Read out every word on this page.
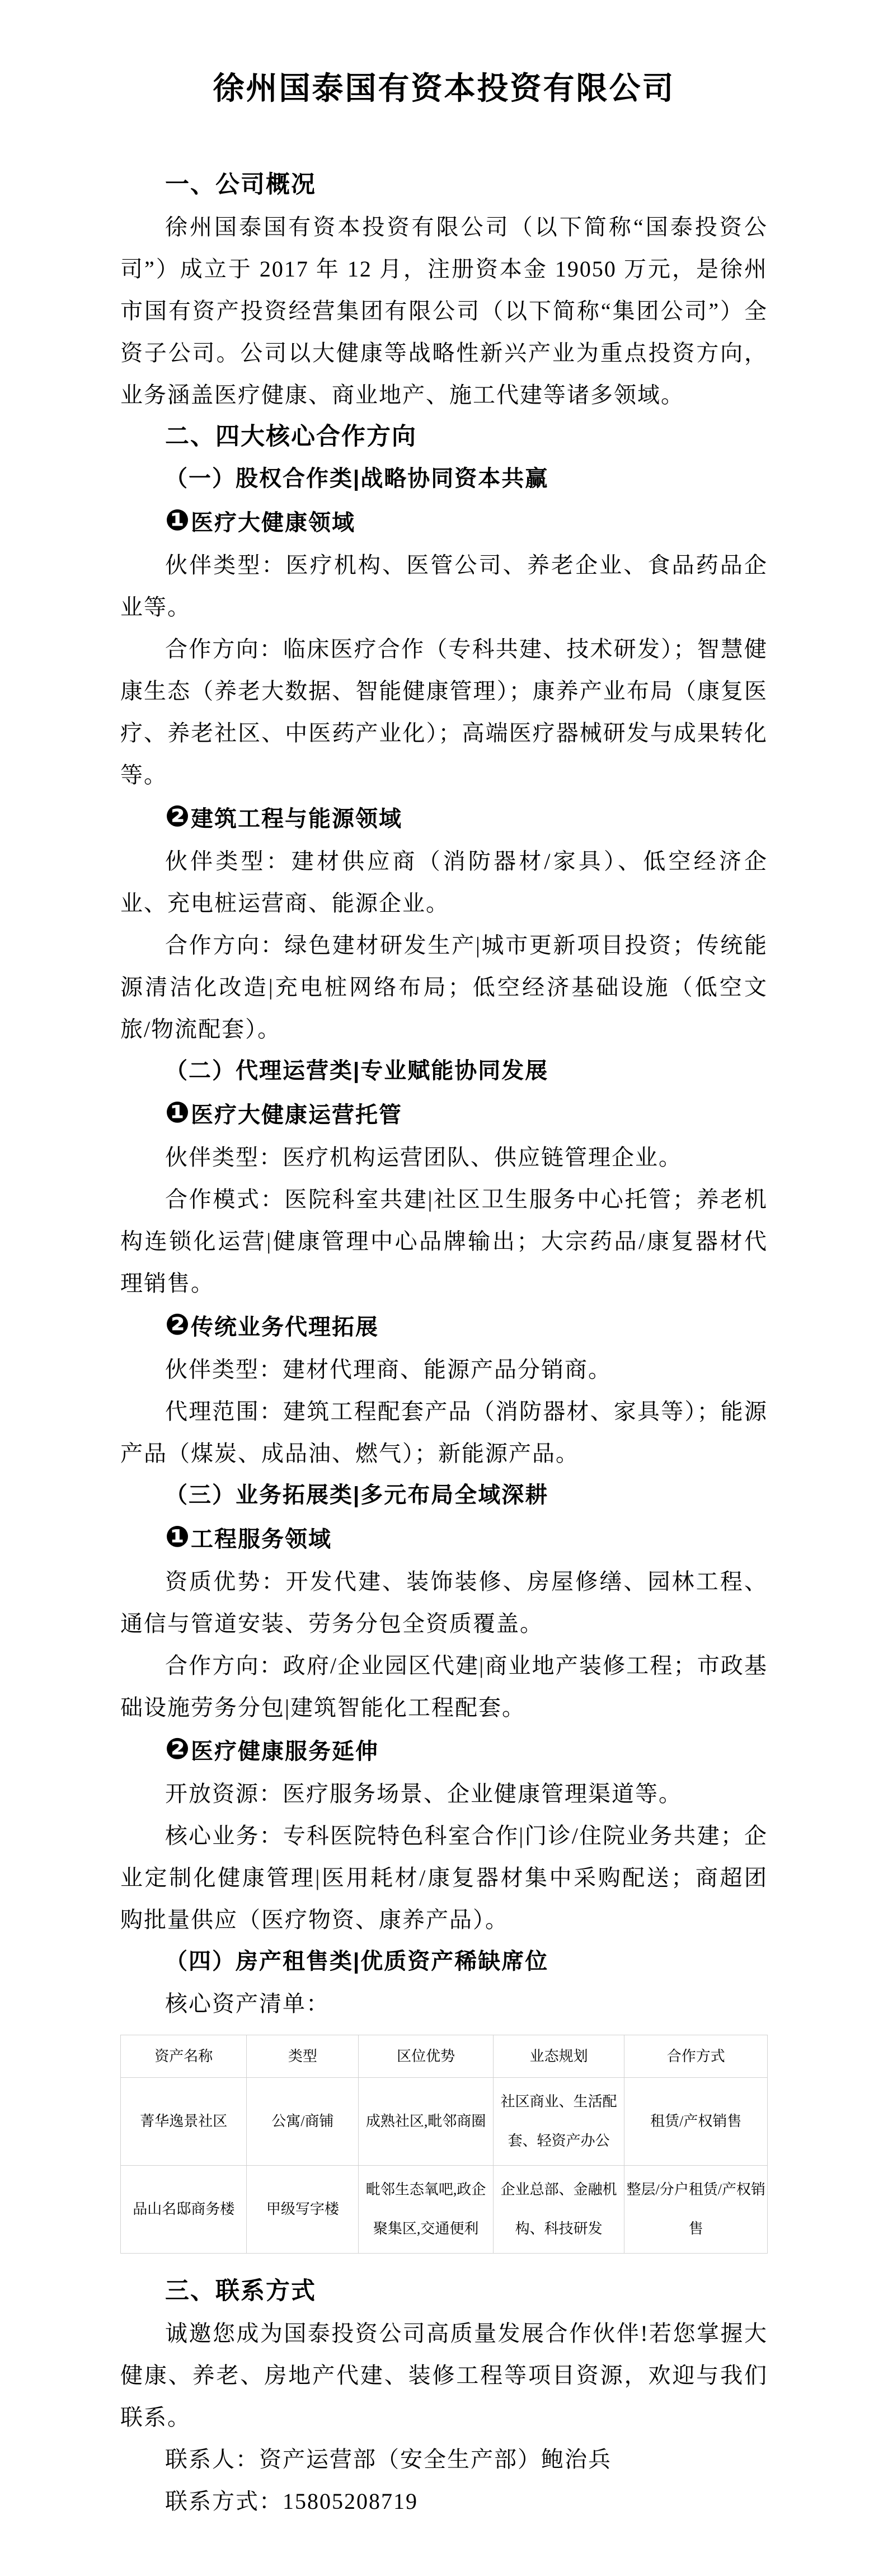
徐州国泰国有资本投资有限公司
一、公司概况

徐州国泰国有资本投资有限公司（以下简称“国泰投资公司”）成立于 2017 年 12 月，注册资本金 19050 万元，是徐州市国有资产投资经营集团有限公司（以下简称“集团公司”）全资子公司。公司以大健康等战略性新兴产业为重点投资方向，业务涵盖医疗健康、商业地产、施工代建等诸多领域。

二、四大核心合作方向
（一）股权合作类|战略协同资本共赢
❶医疗大健康领域

伙伴类型：医疗机构、医管公司、养老企业、食品药品企业等。

合作方向：临床医疗合作（专科共建、技术研发）；智慧健康生态（养老大数据、智能健康管理）；康养产业布局（康复医疗、养老社区、中医药产业化）；高端医疗器械研发与成果转化等。

❷建筑工程与能源领域

伙伴类型：建材供应商（消防器材/家具）、低空经济企业、充电桩运营商、能源企业。

合作方向：绿色建材研发生产|城市更新项目投资；传统能源清洁化改造|充电桩网络布局；低空经济基础设施（低空文旅/物流配套）。

（二）代理运营类|专业赋能协同发展
❶医疗大健康运营托管

伙伴类型：医疗机构运营团队、供应链管理企业。

合作模式：医院科室共建|社区卫生服务中心托管；养老机构连锁化运营|健康管理中心品牌输出；大宗药品/康复器材代理销售。

❷传统业务代理拓展

伙伴类型：建材代理商、能源产品分销商。

代理范围：建筑工程配套产品（消防器材、家具等）；能源产品（煤炭、成品油、燃气）；新能源产品。

（三）业务拓展类|多元布局全域深耕
❶工程服务领域

资质优势：开发代建、装饰装修、房屋修缮、园林工程、通信与管道安装、劳务分包全资质覆盖。

合作方向：政府/企业园区代建|商业地产装修工程；市政基础设施劳务分包|建筑智能化工程配套。

❷医疗健康服务延伸

开放资源：医疗服务场景、企业健康管理渠道等。

核心业务：专科医院特色科室合作|门诊/住院业务共建；企业定制化健康管理|医用耗材/康复器材集中采购配送；商超团购批量供应（医疗物资、康养产品）。

（四）房产租售类|优质资产稀缺席位

核心资产清单：

资产名称	类型	区位优势	业态规划	合作方式
菁华逸景社区	公寓/商铺	成熟社区,毗邻商圈	社区商业、生活配套、轻资产办公	租赁/产权销售
品山名邸商务楼	甲级写字楼	毗邻生态氧吧,政企聚集区,交通便利	企业总部、金融机构、科技研发	整层/分户租赁/产权销售
三、联系方式

诚邀您成为国泰投资公司高质量发展合作伙伴!若您掌握大健康、养老、房地产代建、装修工程等项目资源，欢迎与我们联系。

联系人：资产运营部（安全生产部）鲍治兵

联系方式：15805208719
